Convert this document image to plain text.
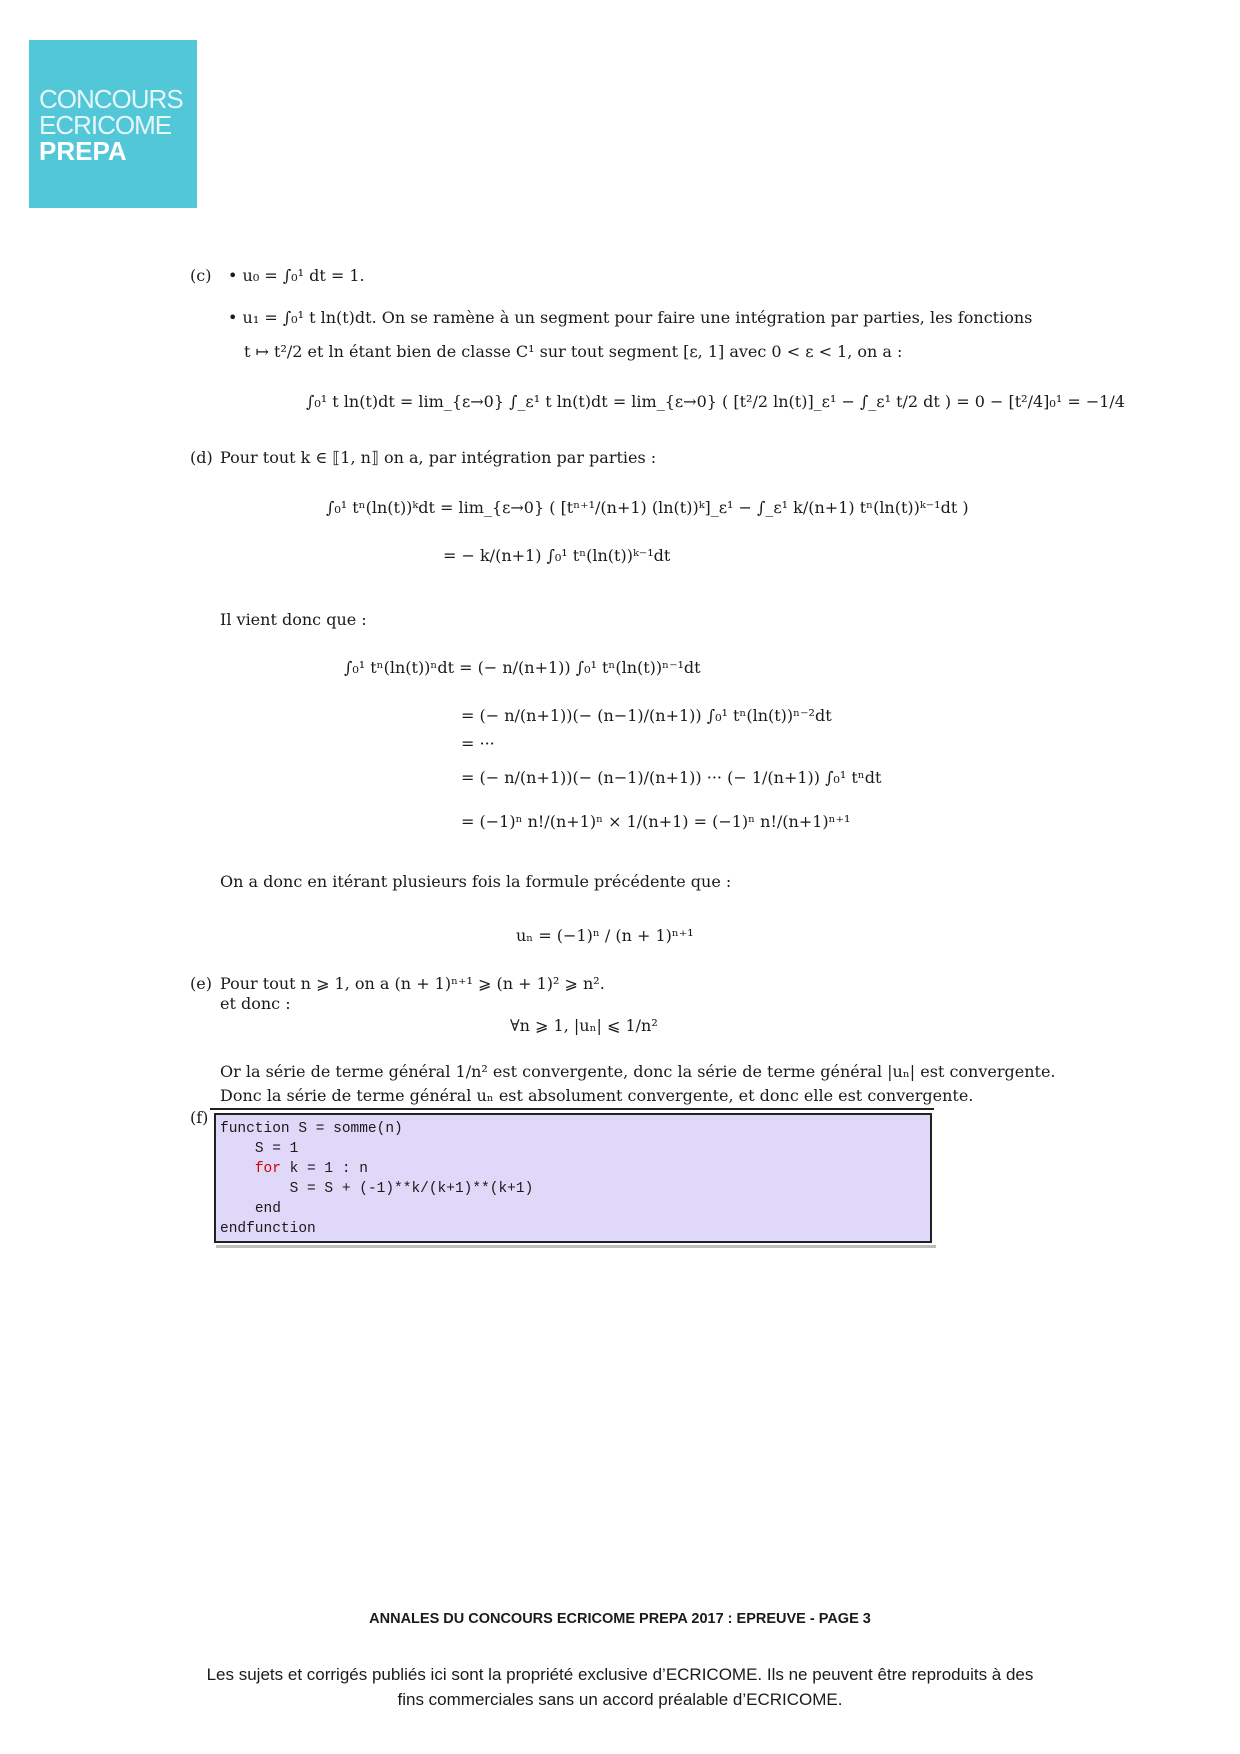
CONCOURS
ECRICOME
PREPA
(c) • u₀ = ∫₀¹ dt = 1.
• u₁ = ∫₀¹ t ln(t)dt. On se ramène à un segment pour faire une intégration par parties, les fonctions
t ↦ t²/2 et ln étant bien de classe C¹ sur tout segment [ε, 1] avec 0 < ε < 1, on a :
∫₀¹ t ln(t)dt = lim_{ε→0} ∫_ε¹ t ln(t)dt = lim_{ε→0} ( [t²/2 ln(t)]_ε¹ − ∫_ε¹ t/2 dt ) = 0 − [t²/4]₀¹ = −1/4
(d) Pour tout k ∈ ⟦1, n⟧ on a, par intégration par parties :
∫₀¹ tⁿ(ln(t))ᵏdt = lim_{ε→0} ( [tⁿ⁺¹/(n+1) (ln(t))ᵏ]_ε¹ − ∫_ε¹ k/(n+1) tⁿ(ln(t))ᵏ⁻¹dt )
= − k/(n+1) ∫₀¹ tⁿ(ln(t))ᵏ⁻¹dt
Il vient donc que :
∫₀¹ tⁿ(ln(t))ⁿdt = (− n/(n+1)) ∫₀¹ tⁿ(ln(t))ⁿ⁻¹dt
= (− n/(n+1))(− (n−1)/(n+1)) ∫₀¹ tⁿ(ln(t))ⁿ⁻²dt
= ···
= (− n/(n+1))(− (n−1)/(n+1)) ··· (− 1/(n+1)) ∫₀¹ tⁿdt
= (−1)ⁿ n!/(n+1)ⁿ × 1/(n+1) = (−1)ⁿ n!/(n+1)ⁿ⁺¹
On a donc en itérant plusieurs fois la formule précédente que :
uₙ = (−1)ⁿ / (n + 1)ⁿ⁺¹
(e) Pour tout n ⩾ 1, on a (n + 1)ⁿ⁺¹ ⩾ (n + 1)² ⩾ n².
et donc :
∀n ⩾ 1, |uₙ| ⩽ 1/n²
Or la série de terme général 1/n² est convergente, donc la série de terme général |uₙ| est convergente.
Donc la série de terme général uₙ est absolument convergente, et donc elle est convergente.
(f)
function S = somme(n)
S = 1
for k = 1 : n
S = S + (-1)**k/(k+1)**(k+1)
end
endfunction
ANNALES DU CONCOURS ECRICOME PREPA 2017 : EPREUVE - PAGE 3
Les sujets et corrigés publiés ici sont la propriété exclusive d’ECRICOME. Ils ne peuvent être reproduits à des
fins commerciales sans un accord préalable d’ECRICOME.
